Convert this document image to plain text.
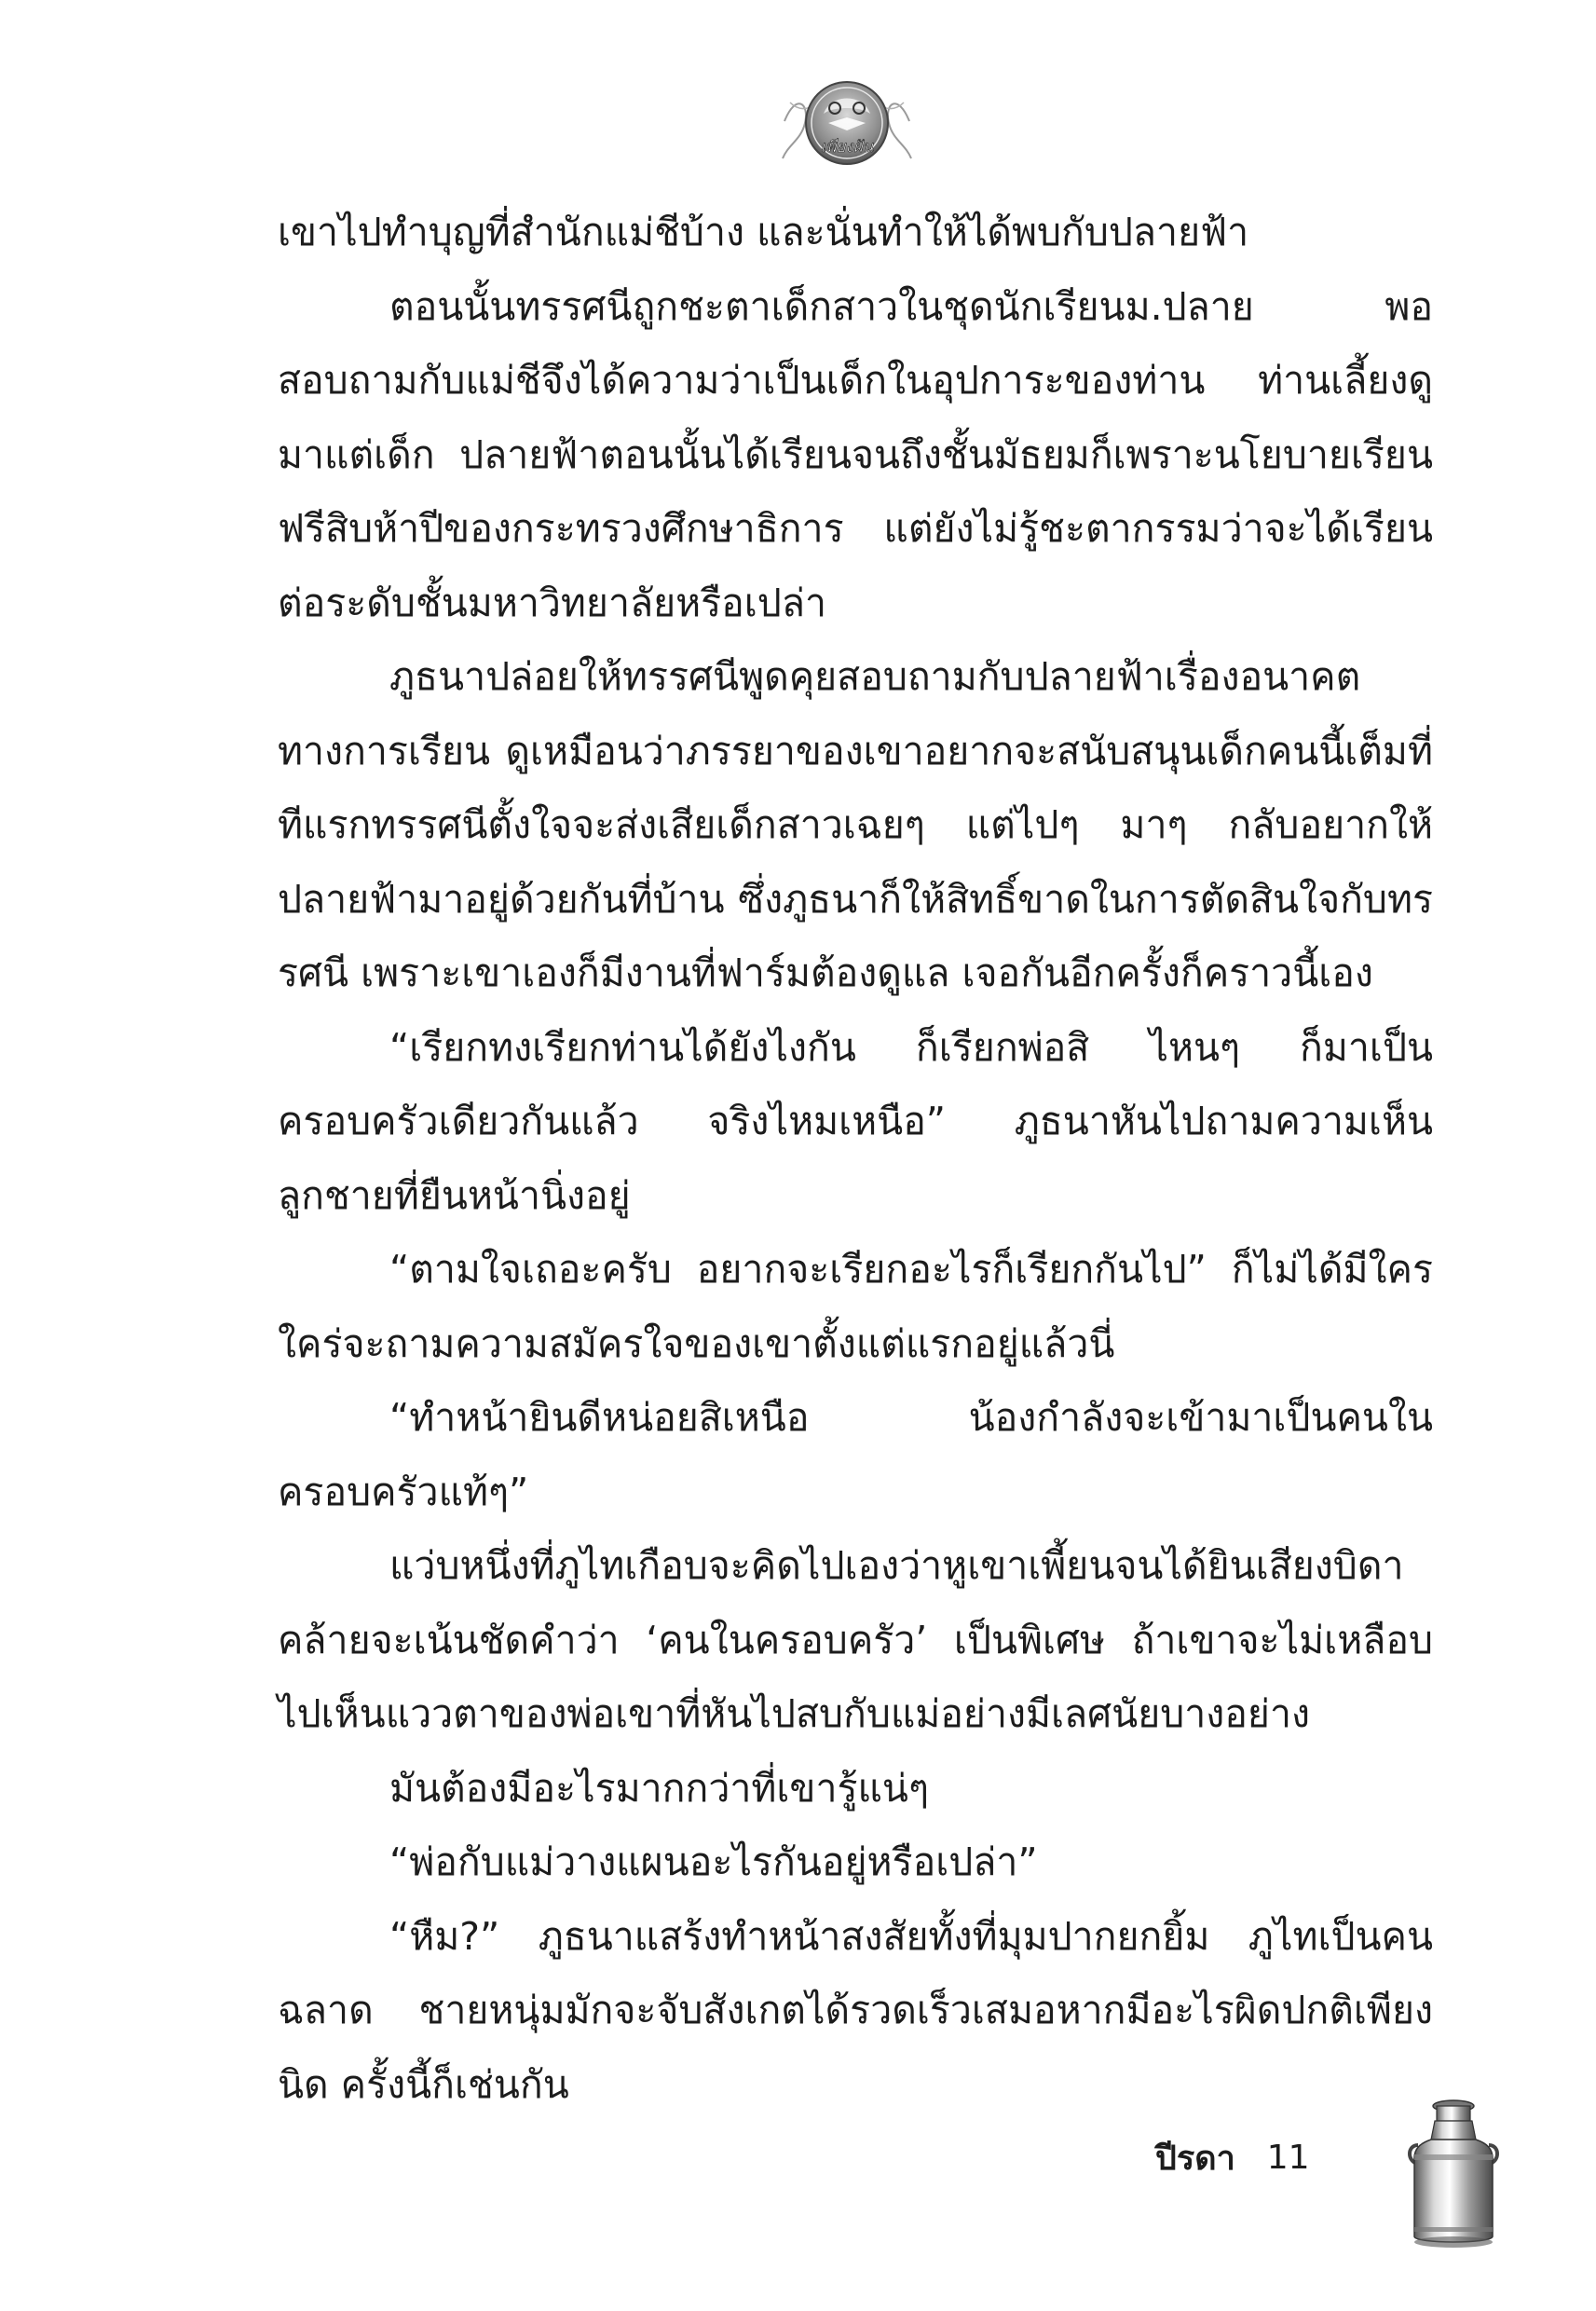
เพียงฝัน

เขาไปทำบุญที่สำนักแม่ชีบ้าง และนั่นทำให้ได้พบกับปลายฟ้า

ตอนนั้นทรรศนีถูกชะตาเด็กสาวในชุดนักเรียนม.ปลาย พอสอบถามกับแม่ชีจึงได้ความว่าเป็นเด็กในอุปการะของท่าน ท่านเลี้ยงดูมาแต่เด็ก ปลายฟ้าตอนนั้นได้เรียนจนถึงชั้นมัธยมก็เพราะนโยบายเรียนฟรีสิบห้าปีของกระทรวงศึกษาธิการ แต่ยังไม่รู้ชะตากรรมว่าจะได้เรียนต่อระดับชั้นมหาวิทยาลัยหรือเปล่า

ภูธนาปล่อยให้ทรรศนีพูดคุยสอบถามกับปลายฟ้าเรื่องอนาคตทางการเรียน ดูเหมือนว่าภรรยาของเขาอยากจะสนับสนุนเด็กคนนี้เต็มที่ ทีแรกทรรศนีตั้งใจจะส่งเสียเด็กสาวเฉยๆ แต่ไปๆ มาๆ กลับอยากให้ปลายฟ้ามาอยู่ด้วยกันที่บ้าน ซึ่งภูธนาก็ให้สิทธิ์ขาดในการตัดสินใจกับทรรศนี เพราะเขาเองก็มีงานที่ฟาร์มต้องดูแล เจอกันอีกครั้งก็คราวนี้เอง

“เรียกทงเรียกท่านได้ยังไงกัน ก็เรียกพ่อสิ ไหนๆ ก็มาเป็นครอบครัวเดียวกันแล้ว จริงไหมเหนือ” ภูธนาหันไปถามความเห็นลูกชายที่ยืนหน้านิ่งอยู่

“ตามใจเถอะครับ อยากจะเรียกอะไรก็เรียกกันไป” ก็ไม่ได้มีใครใคร่จะถามความสมัครใจของเขาตั้งแต่แรกอยู่แล้วนี่

“ทำหน้ายินดีหน่อยสิเหนือ น้องกำลังจะเข้ามาเป็นคนในครอบครัวแท้ๆ”

แว่บหนึ่งที่ภูไทเกือบจะคิดไปเองว่าหูเขาเพี้ยนจนได้ยินเสียงบิดาคล้ายจะเน้นชัดคำว่า ‘คนในครอบครัว’ เป็นพิเศษ ถ้าเขาจะไม่เหลือบไปเห็นแววตาของพ่อเขาที่หันไปสบกับแม่อย่างมีเลศนัยบางอย่าง

มันต้องมีอะไรมากกว่าที่เขารู้แน่ๆ

“พ่อกับแม่วางแผนอะไรกันอยู่หรือเปล่า”

“หืม?” ภูธนาแสร้งทำหน้าสงสัยทั้งที่มุมปากยกยิ้ม ภูไทเป็นคนฉลาด ชายหนุ่มมักจะจับสังเกตได้รวดเร็วเสมอหากมีอะไรผิดปกติเพียงนิด ครั้งนี้ก็เช่นกัน

ปีรดา 11
